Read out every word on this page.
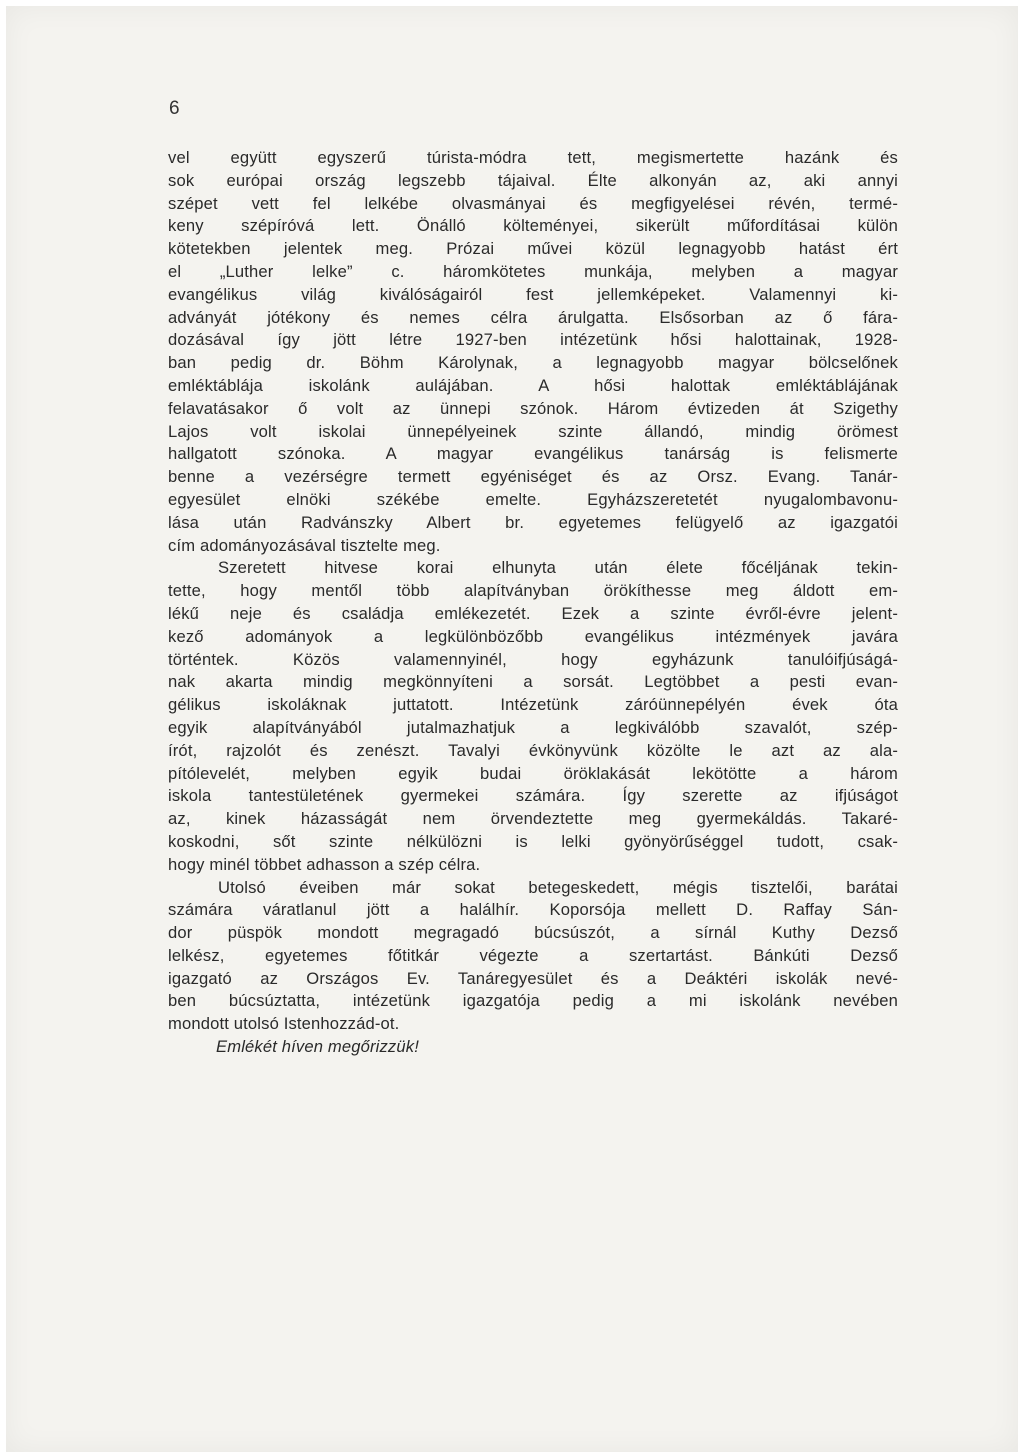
6
vel együtt egyszerű túrista-módra tett, megismertette hazánk és
sok európai ország legszebb tájaival. Élte alkonyán az, aki annyi
szépet vett fel lelkébe olvasmányai és megfigyelései révén, termé-
keny szépíróvá lett. Önálló költeményei, sikerült műfordításai külön
kötetekben jelentek meg. Prózai művei közül legnagyobb hatást ért
el „Luther lelke” c. háromkötetes munkája, melyben a magyar
evangélikus világ kiválóságairól fest jellemképeket. Valamennyi ki-
adványát jótékony és nemes célra árulgatta. Elsősorban az ő fára-
dozásával így jött létre 1927-ben intézetünk hősi halottainak, 1928-
ban pedig dr. Böhm Károlynak, a legnagyobb magyar bölcselőnek
emléktáblája iskolánk aulájában. A hősi halottak emléktáblájának
felavatásakor ő volt az ünnepi szónok. Három évtizeden át Szigethy
Lajos volt iskolai ünnepélyeinek szinte állandó, mindig örömest
hallgatott szónoka. A magyar evangélikus tanárság is felismerte
benne a vezérségre termett egyéniséget és az Orsz. Evang. Tanár-
egyesület elnöki székébe emelte. Egyházszeretetét nyugalombavonu-
lása után Radvánszky Albert br. egyetemes felügyelő az igazgatói
cím adományozásával tisztelte meg.
Szeretett hitvese korai elhunyta után élete főcéljának tekin-
tette, hogy mentől több alapítványban örökíthesse meg áldott em-
lékű neje és családja emlékezetét. Ezek a szinte évről-évre jelent-
kező adományok a legkülönbözőbb evangélikus intézmények javára
történtek. Közös valamennyinél, hogy egyházunk tanulóifjúságá-
nak akarta mindig megkönnyíteni a sorsát. Legtöbbet a pesti evan-
gélikus iskoláknak juttatott. Intézetünk záróünnepélyén évek óta
egyik alapítványából jutalmazhatjuk a legkiválóbb szavalót, szép-
írót, rajzolót és zenészt. Tavalyi évkönyvünk közölte le azt az ala-
pítólevelét, melyben egyik budai öröklakását lekötötte a három
iskola tantestületének gyermekei számára. Így szerette az ifjúságot
az, kinek házasságát nem örvendeztette meg gyermekáldás. Takaré-
koskodni, sőt szinte nélkülözni is lelki gyönyörűséggel tudott, csak-
hogy minél többet adhasson a szép célra.
Utolsó éveiben már sokat betegeskedett, mégis tisztelői, barátai
számára váratlanul jött a halálhír. Koporsója mellett D. Raffay Sán-
dor püspök mondott megragadó búcsúszót, a sírnál Kuthy Dezső
lelkész, egyetemes főtitkár végezte a szertartást. Bánkúti Dezső
igazgató az Országos Ev. Tanáregyesület és a Deáktéri iskolák nevé-
ben búcsúztatta, intézetünk igazgatója pedig a mi iskolánk nevében
mondott utolsó Istenhozzád-ot.
Emlékét híven megőrizzük!
